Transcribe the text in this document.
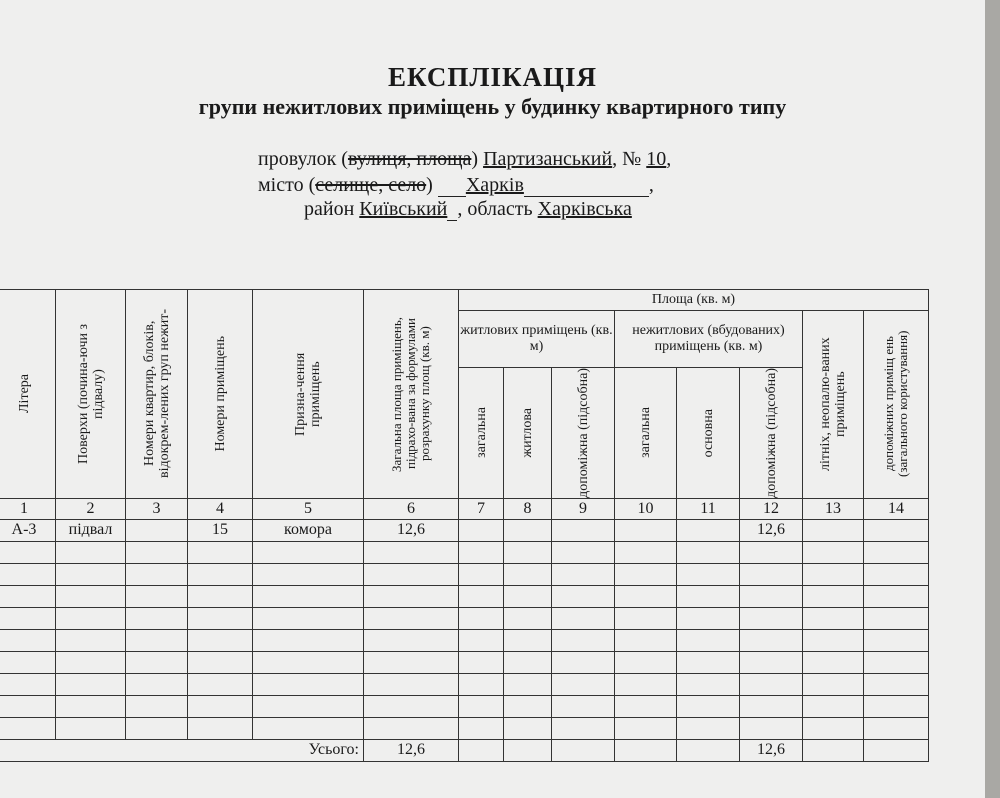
ЕКСПЛІКАЦІЯ
групи нежитлових приміщень у будинку квартирного типу
провулок (вулиця, площа) Партизанський, № 10,
місто (селище, село) Харків	,
район Київський , область Харківська
Літера	Поверхи (почина-ючи з підвалу)	Номери квартир, блоків, відокрем-лених груп нежит-	Номери приміщень	Призна-чення приміщень	Загальна площа приміщень, підрахо-вана за формулами розрахунку площ (кв. м)	Площа (кв. м)							
						житлових приміщень (кв. м)			нежитлових (вбудованих) приміщень (кв. м)			літніх, неопалю-ваних приміщень	допоміжних приміщ ень (загального користування)

						загальна	житлова	допоміжна (підсобна)	загальна	основна	допоміжна (підсобна)		

1	2	3	4	5	6	7	8	9	10	11	12	13	14
А-3	підвал		15	комора	12,6						12,6		

Усього:					12,6						12,6		
